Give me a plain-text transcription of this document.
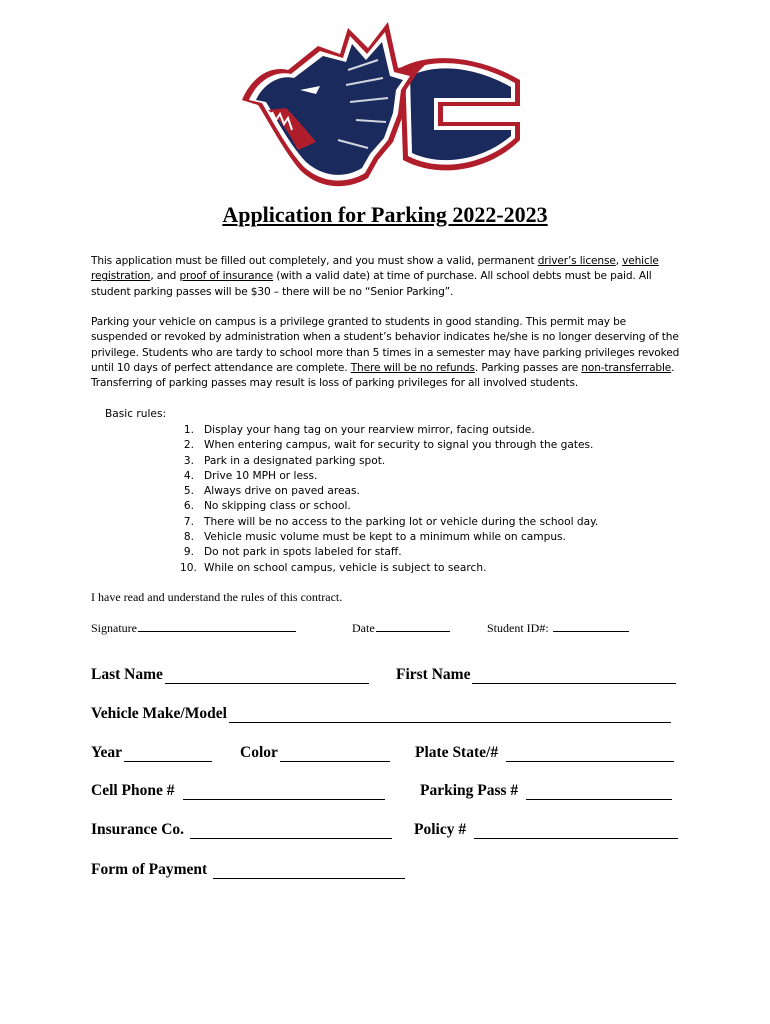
Application for Parking 2022-2023
This application must be filled out completely, and you must show a valid, permanent driver’s license, vehicle registration, and proof of insurance (with a valid date) at time of purchase. All school debts must be paid. All student parking passes will be $30 – there will be no “Senior Parking”.
Parking your vehicle on campus is a privilege granted to students in good standing. This permit may be suspended or revoked by administration when a student’s behavior indicates he/she is no longer deserving of the privilege. Students who are tardy to school more than 5 times in a semester may have parking privileges revoked until 10 days of perfect attendance are complete. There will be no refunds. Parking passes are non-transferrable. Transferring of parking passes may result is loss of parking privileges for all involved students.
Basic rules:
1. Display your hang tag on your rearview mirror, facing outside.
2. When entering campus, wait for security to signal you through the gates.
3. Park in a designated parking spot.
4. Drive 10 MPH or less.
5. Always drive on paved areas.
6. No skipping class or school.
7. There will be no access to the parking lot or vehicle during the school day.
8. Vehicle music volume must be kept to a minimum while on campus.
9. Do not park in spots labeled for staff.
10. While on school campus, vehicle is subject to search.
I have read and understand the rules of this contract.
Signature	Date	Student ID#:
Last Name	First Name
Vehicle Make/Model
Year	Color	Plate State/#
Cell Phone #	Parking Pass #
Insurance Co.	Policy #
Form of Payment
